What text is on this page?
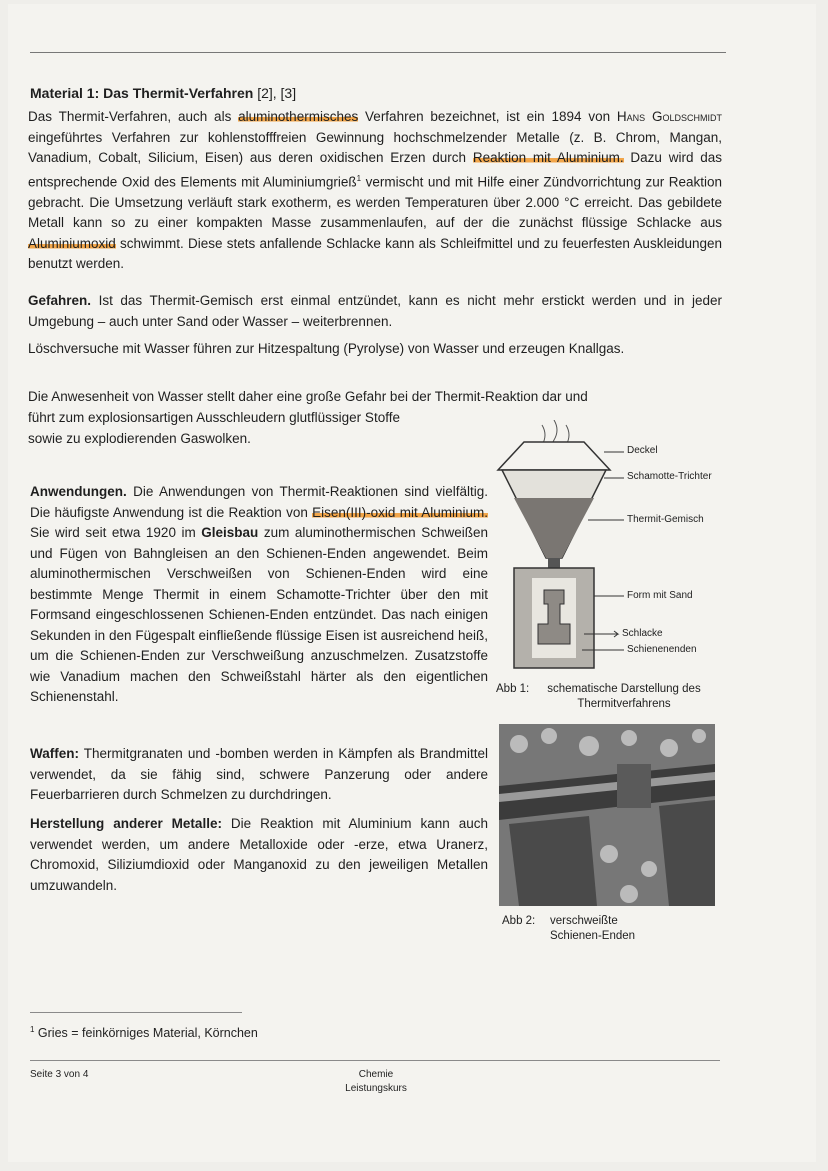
Material 1: Das Thermit-Verfahren [2], [3]
Das Thermit-Verfahren, auch als aluminothermisches Verfahren bezeichnet, ist ein 1894 von Hans Goldschmidt eingeführtes Verfahren zur kohlenstofffreien Gewinnung hochschmelzender Metalle (z. B. Chrom, Mangan, Vanadium, Cobalt, Silicium, Eisen) aus deren oxidischen Erzen durch Reaktion mit Aluminium. Dazu wird das entsprechende Oxid des Elements mit Aluminiumgrieß$^1$ vermischt und mit Hilfe einer Zündvorrichtung zur Reaktion gebracht. Die Umsetzung verläuft stark exotherm, es werden Temperaturen über 2.000 °C erreicht. Das gebildete Metall kann so zu einer kompakten Masse zusammenlaufen, auf der die zunächst flüssige Schlacke aus Aluminiumoxid schwimmt. Diese stets anfallende Schlacke kann als Schleifmittel und zu feuerfesten Auskleidungen benutzt werden.
Gefahren. Ist das Thermit-Gemisch erst einmal entzündet, kann es nicht mehr erstickt werden und in jeder Umgebung – auch unter Sand oder Wasser – weiterbrennen.
Löschversuche mit Wasser führen zur Hitzespaltung (Pyrolyse) von Wasser und erzeugen Knallgas.
Die Anwesenheit von Wasser stellt daher eine große Gefahr bei der Thermit-Reaktion dar und
führt zum explosionsartigen Ausschleudern glutflüssiger Stoffe
sowie zu explodierenden Gaswolken.
Anwendungen. Die Anwendungen von Thermit-Reaktionen sind vielfältig. Die häufigste Anwendung ist die Reaktion von Eisen(III)-oxid mit Aluminium. Sie wird seit etwa 1920 im Gleisbau zum aluminothermischen Schweißen und Fügen von Bahngleisen an den Schienen-Enden angewendet. Beim aluminothermischen Verschweißen von Schienen-Enden wird eine bestimmte Menge Thermit in einem Schamotte-Trichter über den mit Formsand eingeschlossenen Schienen-Enden entzündet. Das nach einigen Sekunden in den Fügespalt einfließende flüssige Eisen ist ausreichend heiß, um die Schienen-Enden zur Verschweißung anzuschmelzen. Zusatzstoffe wie Vanadium machen den Schweißstahl härter als den eigentlichen Schienenstahl.
Waffen: Thermitgranaten und -bomben werden in Kämpfen als Brandmittel verwendet, da sie fähig sind, schwere Panzerung oder andere Feuerbarrieren durch Schmelzen zu durchdringen.
Herstellung anderer Metalle: Die Reaktion mit Aluminium kann auch verwendet werden, um andere Metalloxide oder -erze, etwa Uranerz, Chromoxid, Siliziumdioxid oder Manganoxid zu den jeweiligen Metallen umzuwandeln.
Deckel
Schamotte-Trichter
Thermit-Gemisch
Form mit Sand
Schlacke
Schienenenden
Abb 1: schematische Darstellung des Thermitverfahrens
Abb 2: verschweißte Schienen-Enden
$^1$ Gries = feinkörniges Material, Körnchen
Seite 3 von 4	Chemie
Leistungskurs
